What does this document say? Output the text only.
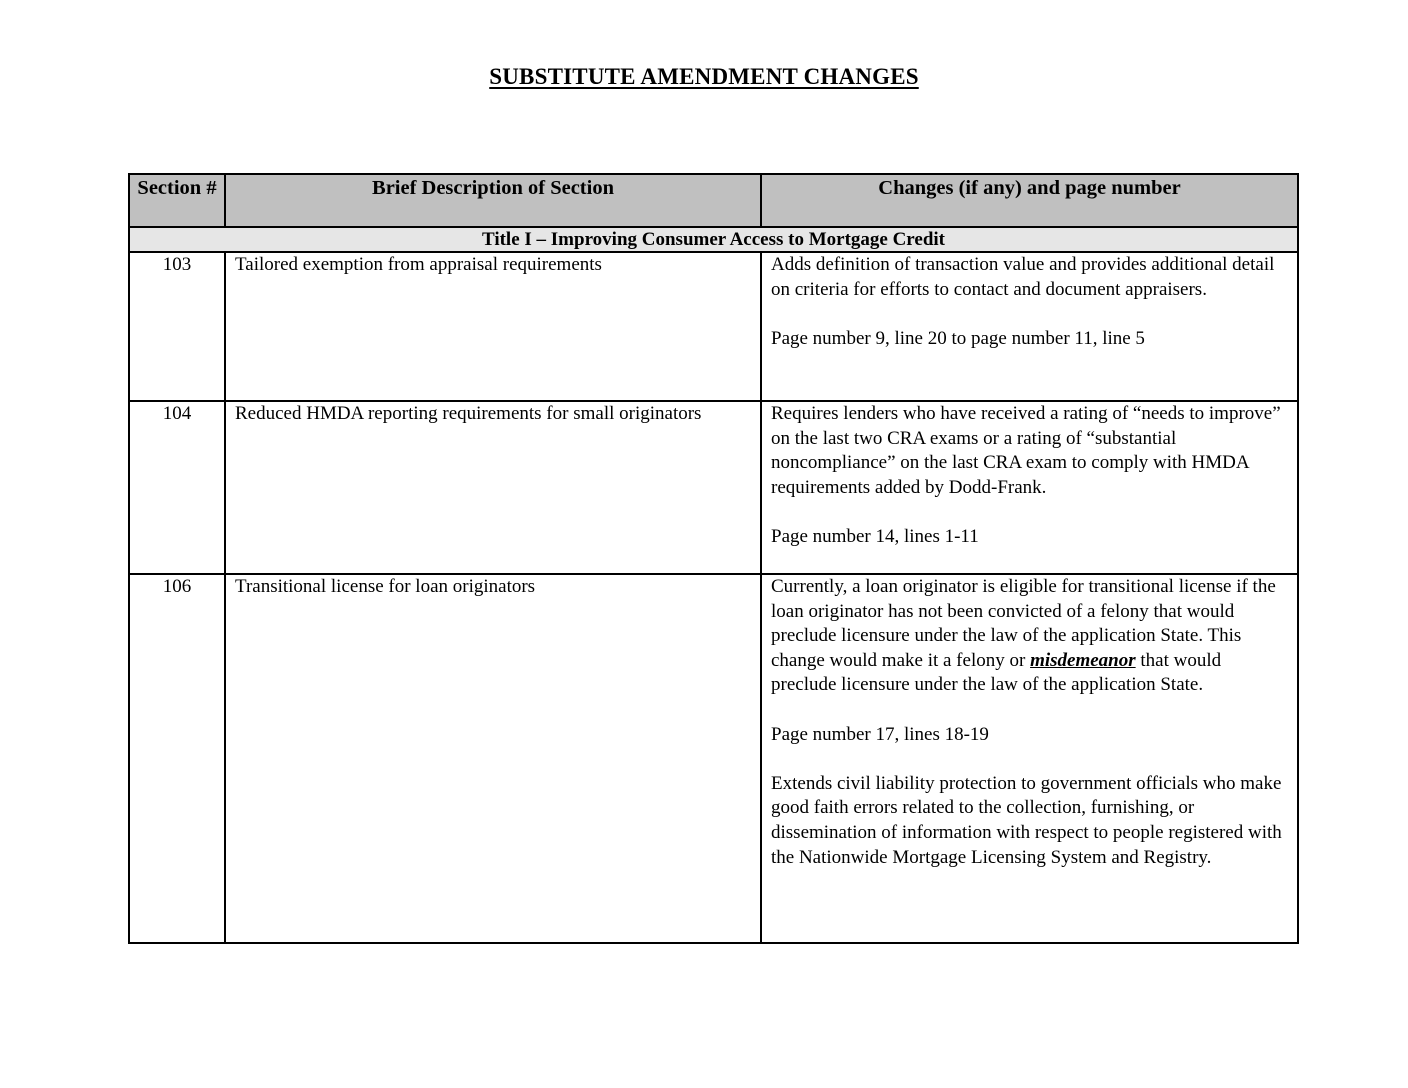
SUBSTITUTE AMENDMENT CHANGES
Section #	Brief Description of Section	Changes (if any) and page number
Title I – Improving Consumer Access to Mortgage Credit		
103	Tailored exemption from appraisal requirements	Adds definition of transaction value and provides additional detail on criteria for efforts to contact and document appraisers.

Page number 9, line 20 to page number 11, line 5

104	Reduced HMDA reporting requirements for small originators	Requires lenders who have received a rating of “needs to improve” on the last two CRA exams or a rating of “substantial noncompliance” on the last CRA exam to comply with HMDA requirements added by Dodd-Frank.

Page number 14, lines 1-11

106	Transitional license for loan originators	Currently, a loan originator is eligible for transitional license if the loan originator has not been convicted of a felony that would preclude licensure under the law of the application State. This change would make it a felony or misdemeanor that would preclude licensure under the law of the application State.

Page number 17, lines 18-19

Extends civil liability protection to government officials who make good faith errors related to the collection, furnishing, or dissemination of information with respect to people registered with the Nationwide Mortgage Licensing System and Registry.
